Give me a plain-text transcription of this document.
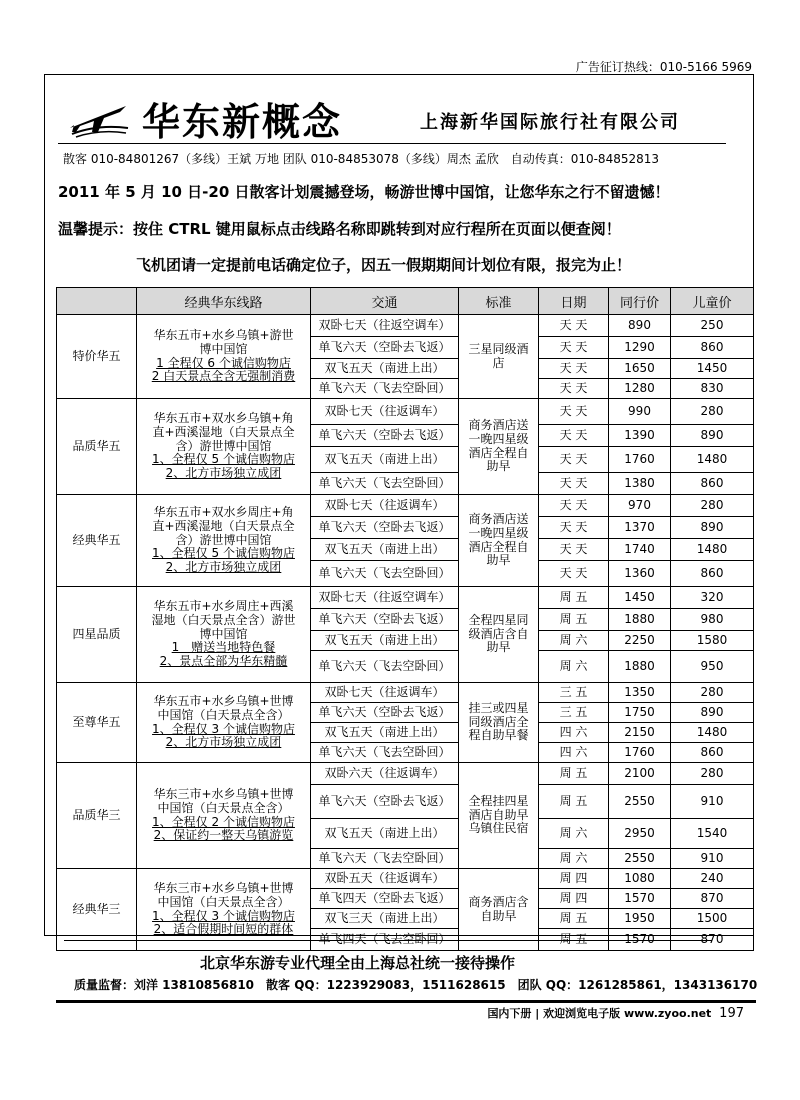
广告征订热线：010-5166 5969
华东新概念	上海新华国际旅行社有限公司
散客 010-84801267（多线）王斌 万地 团队 010-84853078（多线）周杰 孟欣　自动传真：010-84852813
2011 年 5 月 10 日-20 日散客计划震撼登场，畅游世博中国馆，让您华东之行不留遗憾！
温馨提示：按住 CTRL 键用鼠标点击线路名称即跳转到对应行程所在页面以便查阅！
飞机团请一定提前电话确定位子，因五一假期期间计划位有限，报完为止！
	经典华东线路	交通	标准	日期	同行价	儿童价
特价华五	华东五市+水乡乌镇+游世
博中国馆
1 全程仅 6 个诚信购物店
2 白天景点全含无强制消费	双卧七天（往返空调车）	三星同级酒店	天 天	890	250
		单飞六天（空卧去飞返）		天 天	1290	860
		双飞五天（南进上出）		天 天	1650	1450
		单飞六天（飞去空卧回）		天 天	1280	830
品质华五	华东五市+双水乡乌镇+角
直+西溪湿地（白天景点全
含）游世博中国馆
1、全程仅 5 个诚信购物店
2、北方市场独立成团	双卧七天（往返调车）	商务酒店送一晚四星级酒店全程自助早	天 天	990	280
		单飞六天（空卧去飞返）		天 天	1390	890
		双飞五天（南进上出）		天 天	1760	1480
		单飞六天（飞去空卧回）		天 天	1380	860
经典华五	华东五市+双水乡周庄+角
直+西溪湿地（白天景点全
含）游世博中国馆
1、全程仅 5 个诚信购物店
2、北方市场独立成团	双卧七天（往返调车）	商务酒店送一晚四星级酒店全程自助早	天 天	970	280
		单飞六天（空卧去飞返）		天 天	1370	890
		双飞五天（南进上出）		天 天	1740	1480
		单飞六天（飞去空卧回）		天 天	1360	860
四星品质	华东五市+水乡周庄+西溪
湿地（白天景点全含）游世
博中国馆
1　赠送当地特色餐
2、景点全部为华东精髓	双卧七天（往返空调车）	全程四星同级酒店含自助早	周 五	1450	320
		单飞六天（空卧去飞返）		周 五	1880	980
		双飞五天（南进上出）		周 六	2250	1580
		单飞六天（飞去空卧回）		周 六	1880	950
至尊华五	华东五市+水乡乌镇+世博
中国馆（白天景点全含）
1、全程仅 3 个诚信购物店
2、北方市场独立成团	双卧七天（往返调车）	挂三或四星同级酒店全程自助早餐	三 五	1350	280
		单飞六天（空卧去飞返）		三 五	1750	890
		双飞五天（南进上出）		四 六	2150	1480
		单飞六天（飞去空卧回）		四 六	1760	860
品质华三	华东三市+水乡乌镇+世博
中国馆（白天景点全含）
1、全程仅 2 个诚信购物店
2、保证约一整天乌镇游览	双卧六天（往返调车）	全程挂四星酒店自助早乌镇住民宿	周 五	2100	280
		单飞六天（空卧去飞返）		周 五	2550	910
		双飞五天（南进上出）		周 六	2950	1540
		单飞六天（飞去空卧回）		周 六	2550	910
经典华三	华东三市+水乡乌镇+世博
中国馆（白天景点全含）
1、全程仅 3 个诚信购物店
2、适合假期时间短的群体	双卧五天（往返调车）	商务酒店含自助早	周 四	1080	240
		单飞四天（空卧去飞返）		周 四	1570	870
		双飞三天（南进上出）		周 五	1950	1500
		单飞四天（飞去空卧回）		周 五	1570	870
北京华东游专业代理全由上海总社统一接待操作
质量监督：刘洋 13810856810　散客 QQ：1223929083，1511628615　团队 QQ：1261285861，1343136170
国内下册 | 欢迎浏览电子版 www.zyoo.net 197
